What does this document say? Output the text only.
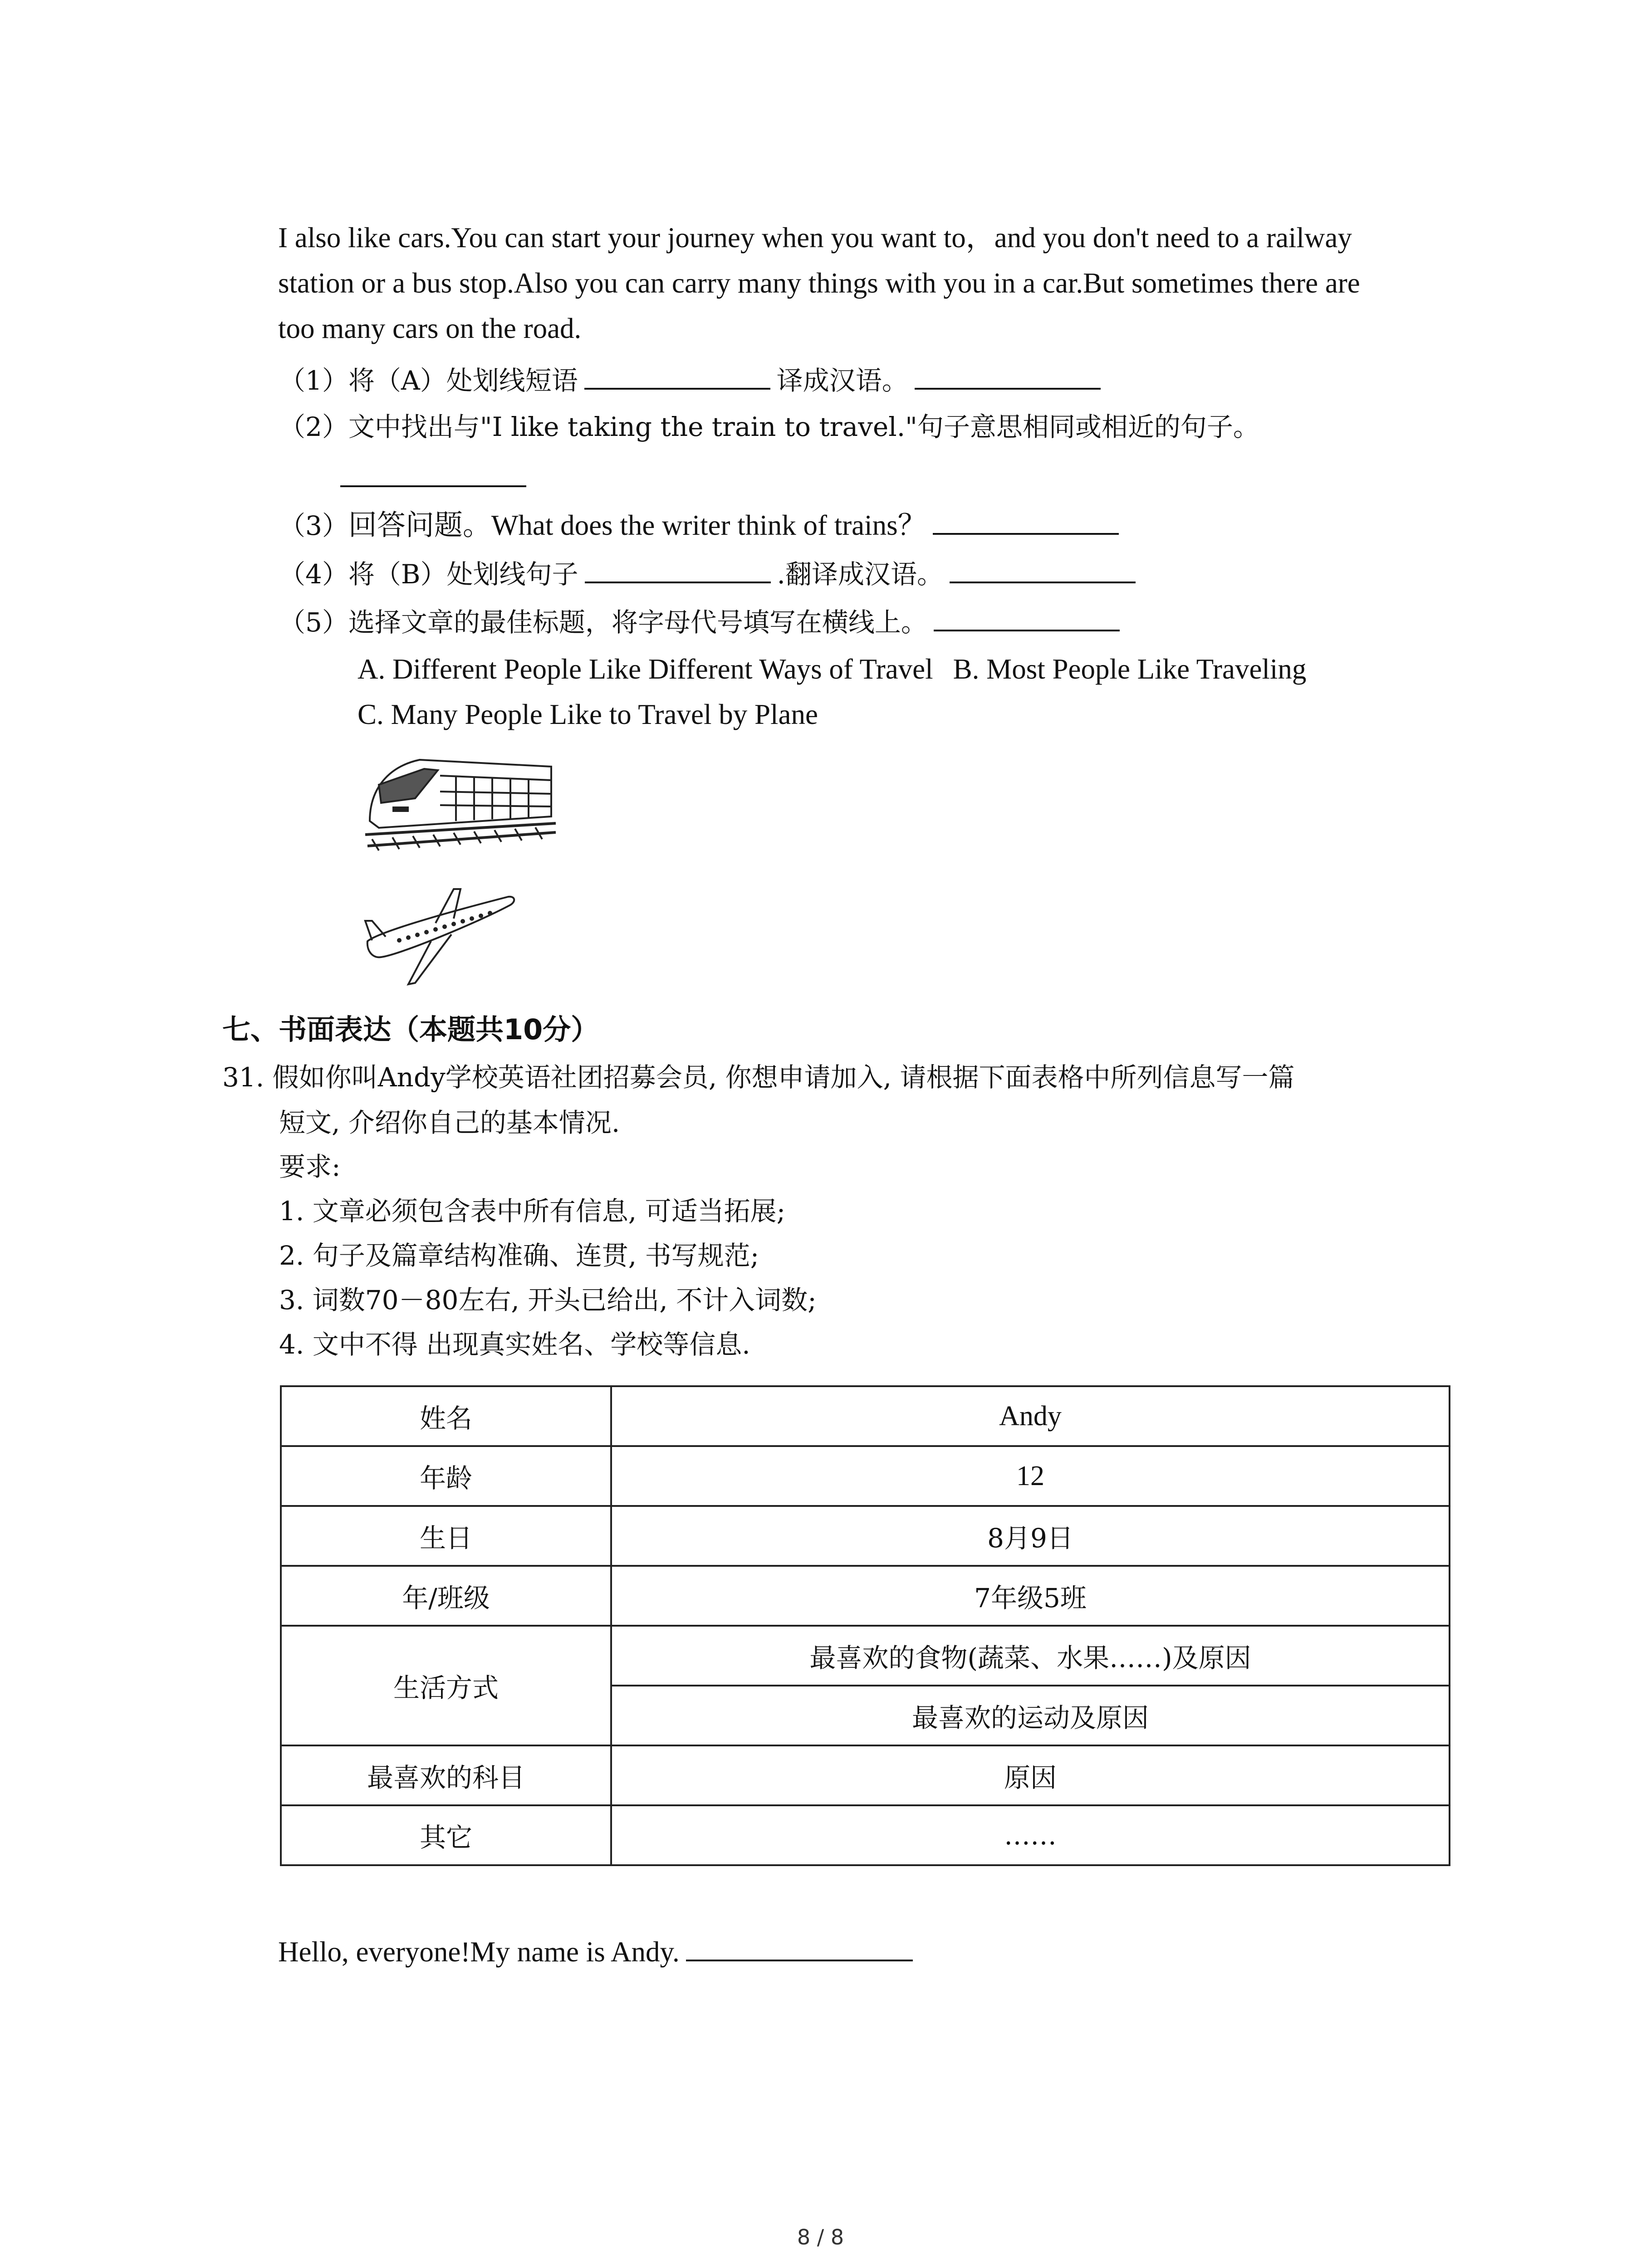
I also like cars.You can start your journey when you want to，and you don't need to a railway
station or a bus stop.Also you can carry many things with you in a car.But sometimes there are
too many cars on the road.
（1）将（A）处划线短语	译成汉语。
（2）文中找出与"I like taking the train to travel."句子意思相同或相近的句子。
（3）回答问题。What does the writer think of trains？
（4）将（B）处划线句子	.翻译成汉语。
（5）选择文章的最佳标题，将字母代号填写在横线上。
A. Different People Like Different Ways of Travel B. Most People Like Traveling
C. Many People Like to Travel by Plane
七、书面表达（本题共10分）
31. 假如你叫Andy学校英语社团招募会员, 你想申请加入, 请根据下面表格中所列信息写一篇
短文, 介绍你自己的基本情况.
要求:
1. 文章必须包含表中所有信息, 可适当拓展;
2. 句子及篇章结构准确、连贯, 书写规范;
3. 词数70－80左右, 开头已给出, 不计入词数;
4. 文中不得 出现真实姓名、学校等信息.
姓名	Andy
年龄	12
生日	8月9日
年/班级	7年级5班
生活方式	最喜欢的食物(蔬菜、水果……)及原因
	最喜欢的运动及原因
最喜欢的科目	原因
其它	……
Hello, everyone!My name is Andy.
8 / 8
